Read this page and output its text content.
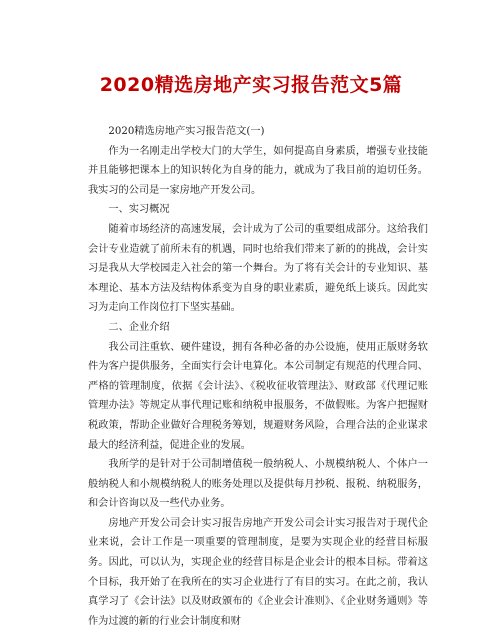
2020精选房地产实习报告范文5篇

2020精选房地产实习报告范文(一)

作为一名刚走出学校大门的大学生，如何提高自身素质，增强专业技能并且能够把课本上的知识转化为自身的能力，就成为了我目前的迫切任务。我实习的公司是一家房地产开发公司。

一、实习概况

随着市场经济的高速发展，会计成为了公司的重要组成部分。这给我们会计专业造就了前所未有的机遇，同时也给我们带来了新的的挑战，会计实习是我从大学校园走入社会的第一个舞台。为了将有关会计的专业知识、基本理论、基本方法及结构体系变为自身的职业素质，避免纸上谈兵。因此实习为走向工作岗位打下坚实基础。

二、企业介绍

我公司注重软、硬件建设，拥有各种必备的办公设施，使用正版财务软件为客户提供服务，全面实行会计电算化。本公司制定有规范的代理合同、严格的管理制度，依据《会计法》、《税收征收管理法》、财政部《代理记账管理办法》等规定从事代理记账和纳税申报服务，不做假账。为客户把握财税政策，帮助企业做好合理税务筹划，规避财务风险，合理合法的企业谋求最大的经济利益，促进企业的发展。

我所学的是针对于公司制增值税一般纳税人、小规模纳税人、个体户一般纳税人和小规模纳税人的账务处理以及提供每月抄税、报税、纳税服务，和会计咨询以及一些代办业务。

房地产开发公司会计实习报告房地产开发公司会计实习报告对于现代企业来说，会计工作是一项重要的管理制度，是要为实现企业的经营目标服务。因此，可以认为，实现企业的经营目标是企业会计的根本目标。带着这个目标，我开始了在我所在的实习企业进行了有目的实习。在此之前，我认真学习了《会计法》以及财政颁布的《企业会计准则》、《企业财务通则》等作为过渡的新的行业会计制度和财
